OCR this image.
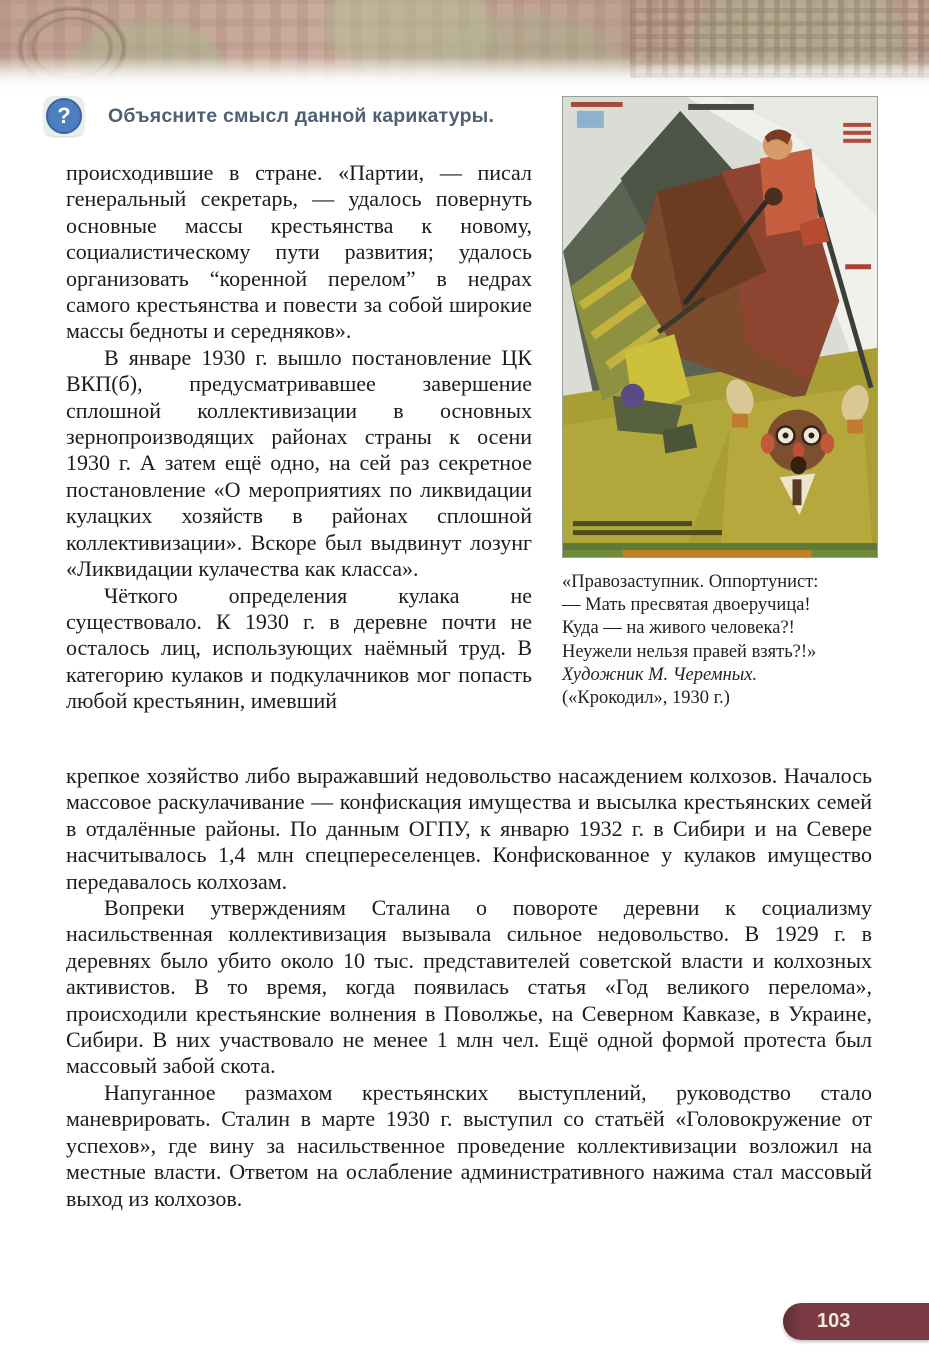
?	Объясните смысл данной карикатуры.

происходившие в стране. «Партии, — писал генеральный секретарь, — удалось повернуть основные массы крестьянства к новому, социалистическому пути развития; удалось организовать “коренной перелом” в недрах самого крестьянства и повести за собой широкие массы бедноты и середняков».

В январе 1930 г. вышло постановление ЦК ВКП(б), предусматривавшее завершение сплошной коллективизации в основных зернопроизводящих районах страны к осени 1930 г. А затем ещё одно, на сей раз секретное постановление «О мероприятиях по ликвидации кулацких хозяйств в районах сплошной коллективизации». Вскоре был выдвинут лозунг «Ликвидации кулачества как класса».

Чёткого определения кулака не существовало. К 1930 г. в деревне почти не осталось лиц, использующих наёмный труд. В категорию кулаков и подкулачников мог попасть любой крестьянин, имевший

«Правозаступник. Оппортунист:
— Мать пресвятая двоеручица!
Куда — на живого человека?!
Неужели нельзя правей взять?!»
Художник М. Черемных.
(«Крокодил», 1930 г.)

крепкое хозяйство либо выражавший недовольство насаждением колхозов. Началось массовое раскулачивание — конфискация имущества и высылка крестьянских семей в отдалённые районы. По данным ОГПУ, к январю 1932 г. в Сибири и на Севере насчитывалось 1,4 млн спецпереселенцев. Конфискованное у кулаков имущество передавалось колхозам.

Вопреки утверждениям Сталина о повороте деревни к социализму насильственная коллективизация вызывала сильное недовольство. В 1929 г. в деревнях было убито около 10 тыс. представителей советской власти и колхозных активистов. В то время, когда появилась статья «Год великого перелома», происходили крестьянские волнения в Поволжье, на Северном Кавказе, в Украине, Сибири. В них участвовало не менее 1 млн чел. Ещё одной формой протеста был массовый забой скота.

Напуганное размахом крестьянских выступлений, руководство стало маневрировать. Сталин в марте 1930 г. выступил со статьёй «Головокружение от успехов», где вину за насильственное проведение коллективизации возложил на местные власти. Ответом на ослабление административного нажима стал массовый выход из колхозов.

103
